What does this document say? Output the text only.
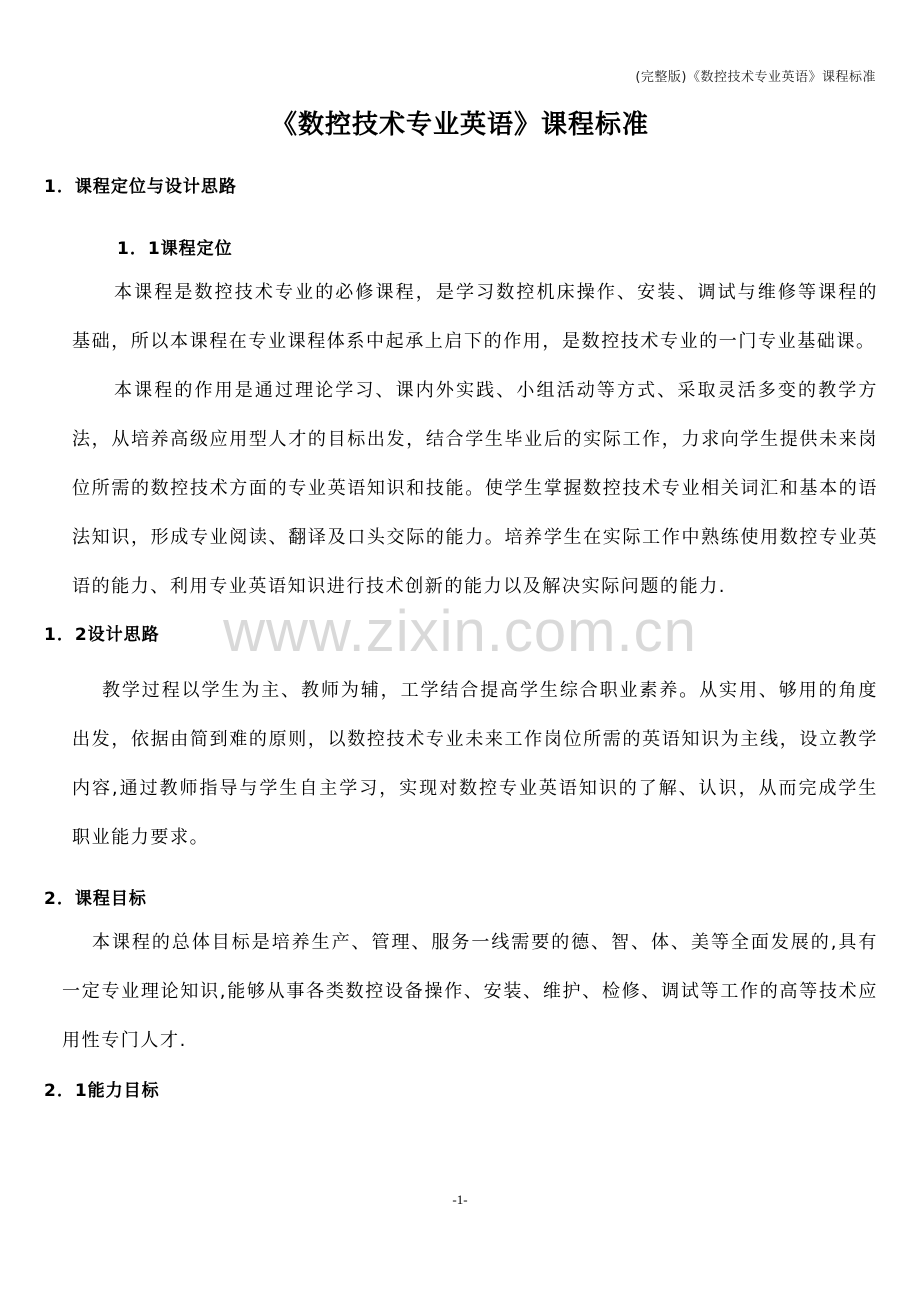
(完整版)《数控技术专业英语》课程标准
《数控技术专业英语》课程标准
1．课程定位与设计思路
1．1课程定位
本课程是数控技术专业的必修课程，是学习数控机床操作、安装、调试与维修等课程的基础，所以本课程在专业课程体系中起承上启下的作用，是数控技术专业的一门专业基础课。
本课程的作用是通过理论学习、课内外实践、小组活动等方式、采取灵活多变的教学方法，从培养高级应用型人才的目标出发，结合学生毕业后的实际工作，力求向学生提供未来岗位所需的数控技术方面的专业英语知识和技能。使学生掌握数控技术专业相关词汇和基本的语法知识，形成专业阅读、翻译及口头交际的能力。培养学生在实际工作中熟练使用数控专业英语的能力、利用专业英语知识进行技术创新的能力以及解决实际问题的能力.
1．2设计思路
教学过程以学生为主、教师为辅，工学结合提高学生综合职业素养。从实用、够用的角度出发，依据由简到难的原则，以数控技术专业未来工作岗位所需的英语知识为主线，设立教学内容,通过教师指导与学生自主学习，实现对数控专业英语知识的了解、认识，从而完成学生职业能力要求。
2．课程目标
本课程的总体目标是培养生产、管理、服务一线需要的德、智、体、美等全面发展的,具有一定专业理论知识,能够从事各类数控设备操作、安装、维护、检修、调试等工作的高等技术应用性专门人才.
2．1能力目标
www.zixin.com.cn
-1-
